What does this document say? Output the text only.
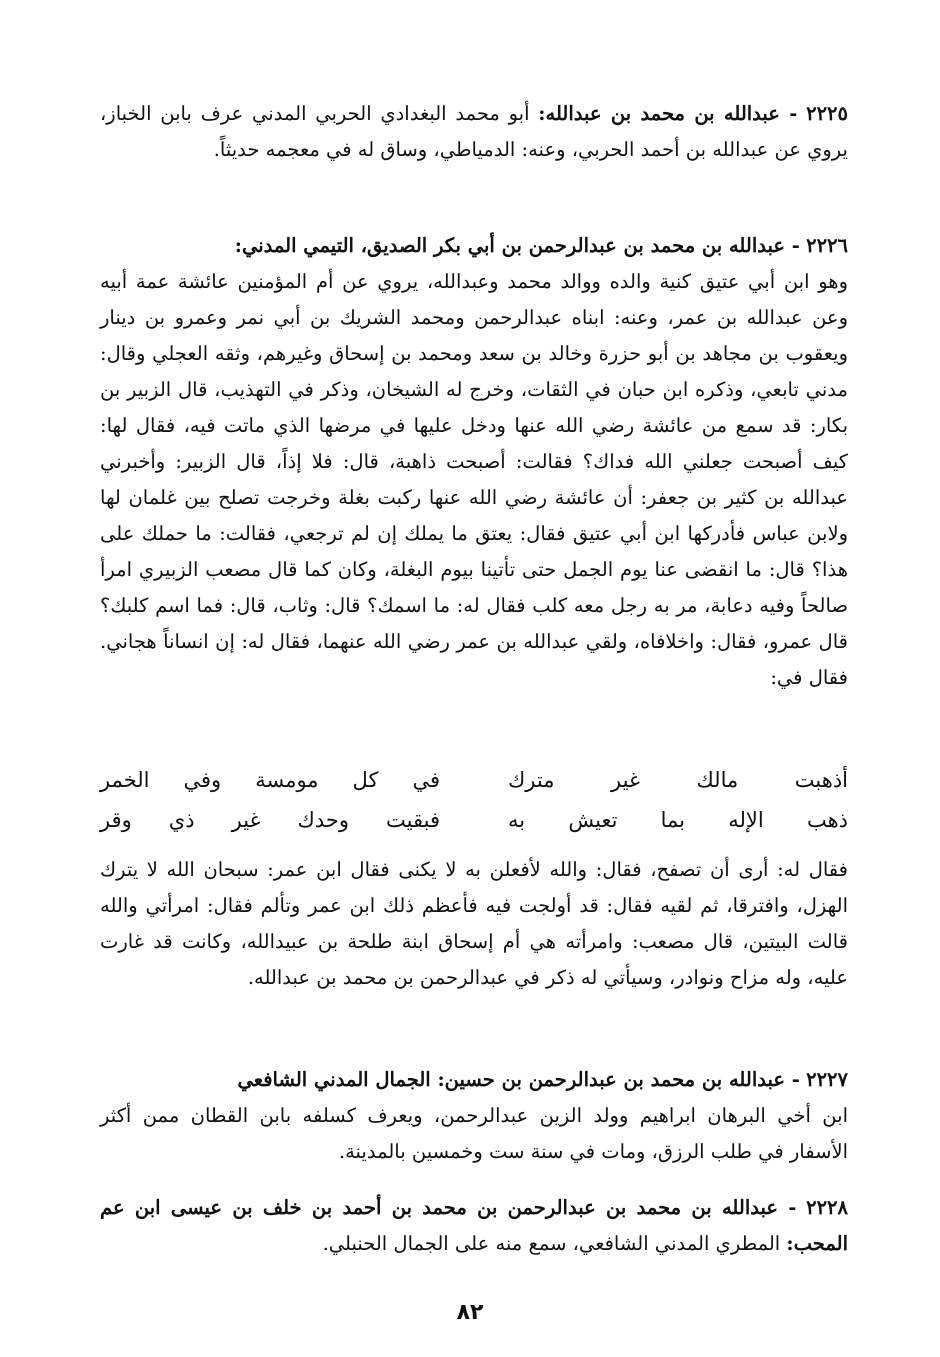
٢٢٢٥ - عبدالله بن محمد بن عبدالله: أبو محمد البغدادي الحربي المدني عرف بابن الخباز، يروي عن عبدالله بن أحمد الحربي، وعنه: الدمياطي، وساق له في معجمه حديثاً.
٢٢٢٦ - عبدالله بن محمد بن عبدالرحمن بن أبي بكر الصديق، التيمي المدني:
وهو ابن أبي عتيق كنية والده ووالد محمد وعبدالله، يروي عن أم المؤمنين عائشة عمة أبيه وعن عبدالله بن عمر، وعنه: ابناه عبدالرحمن ومحمد الشريك بن أبي نمر وعمرو بن دينار ويعقوب بن مجاهد بن أبو حزرة وخالد بن سعد ومحمد بن إسحاق وغيرهم، وثقه العجلي وقال: مدني تابعي، وذكره ابن حبان في الثقات، وخرج له الشيخان، وذكر في التهذيب، قال الزبير بن بكار: قد سمع من عائشة رضي الله عنها ودخل عليها في مرضها الذي ماتت فيه، فقال لها: كيف أصبحت جعلني الله فداك؟ فقالت: أصبحت ذاهبة، قال: فلا إذاً، قال الزبير: وأخبرني عبدالله بن كثير بن جعفر: أن عائشة رضي الله عنها ركبت بغلة وخرجت تصلح بين غلمان لها ولابن عباس فأدركها ابن أبي عتيق فقال: يعتق ما يملك إن لم ترجعي، فقالت: ما حملك على هذا؟ قال: ما انقضى عنا يوم الجمل حتى تأتينا بيوم البغلة، وكان كما قال مصعب الزبيري امرأ صالحاً وفيه دعابة، مر به رجل معه كلب فقال له: ما اسمك؟ قال: وثاب، قال: فما اسم كلبك؟ قال عمرو، فقال: واخلافاه، ولقي عبدالله بن عمر رضي الله عنهما، فقال له: إن انساناً هجاني. فقال في:
أذهبت مالك غير مترك
في كل مومسة وفي الخمر
ذهب الإله بما تعيش به
فبقيت وحدك غير ذي وقر
فقال له: أرى أن تصفح، فقال: والله لأفعلن به لا يكنى فقال ابن عمر: سبحان الله لا يترك الهزل، وافترقا، ثم لقيه فقال: قد أولجت فيه فأعظم ذلك ابن عمر وتألم فقال: امرأتي والله قالت البيتين، قال مصعب: وامرأته هي أم إسحاق ابنة طلحة بن عبيدالله، وكانت قد غارت عليه، وله مزاح ونوادر، وسيأتي له ذكر في عبدالرحمن بن محمد بن عبدالله.
٢٢٢٧ - عبدالله بن محمد بن عبدالرحمن بن حسين: الجمال المدني الشافعي
ابن أخي البرهان ابراهيم وولد الزين عبدالرحمن، ويعرف كسلفه بابن القطان ممن أكثر الأسفار في طلب الرزق، ومات في سنة ست وخمسين بالمدينة.
٢٢٢٨ - عبدالله بن محمد بن عبدالرحمن بن محمد بن أحمد بن خلف بن عيسى ابن عم المحب: المطري المدني الشافعي، سمع منه على الجمال الحنبلي.
٨٢
